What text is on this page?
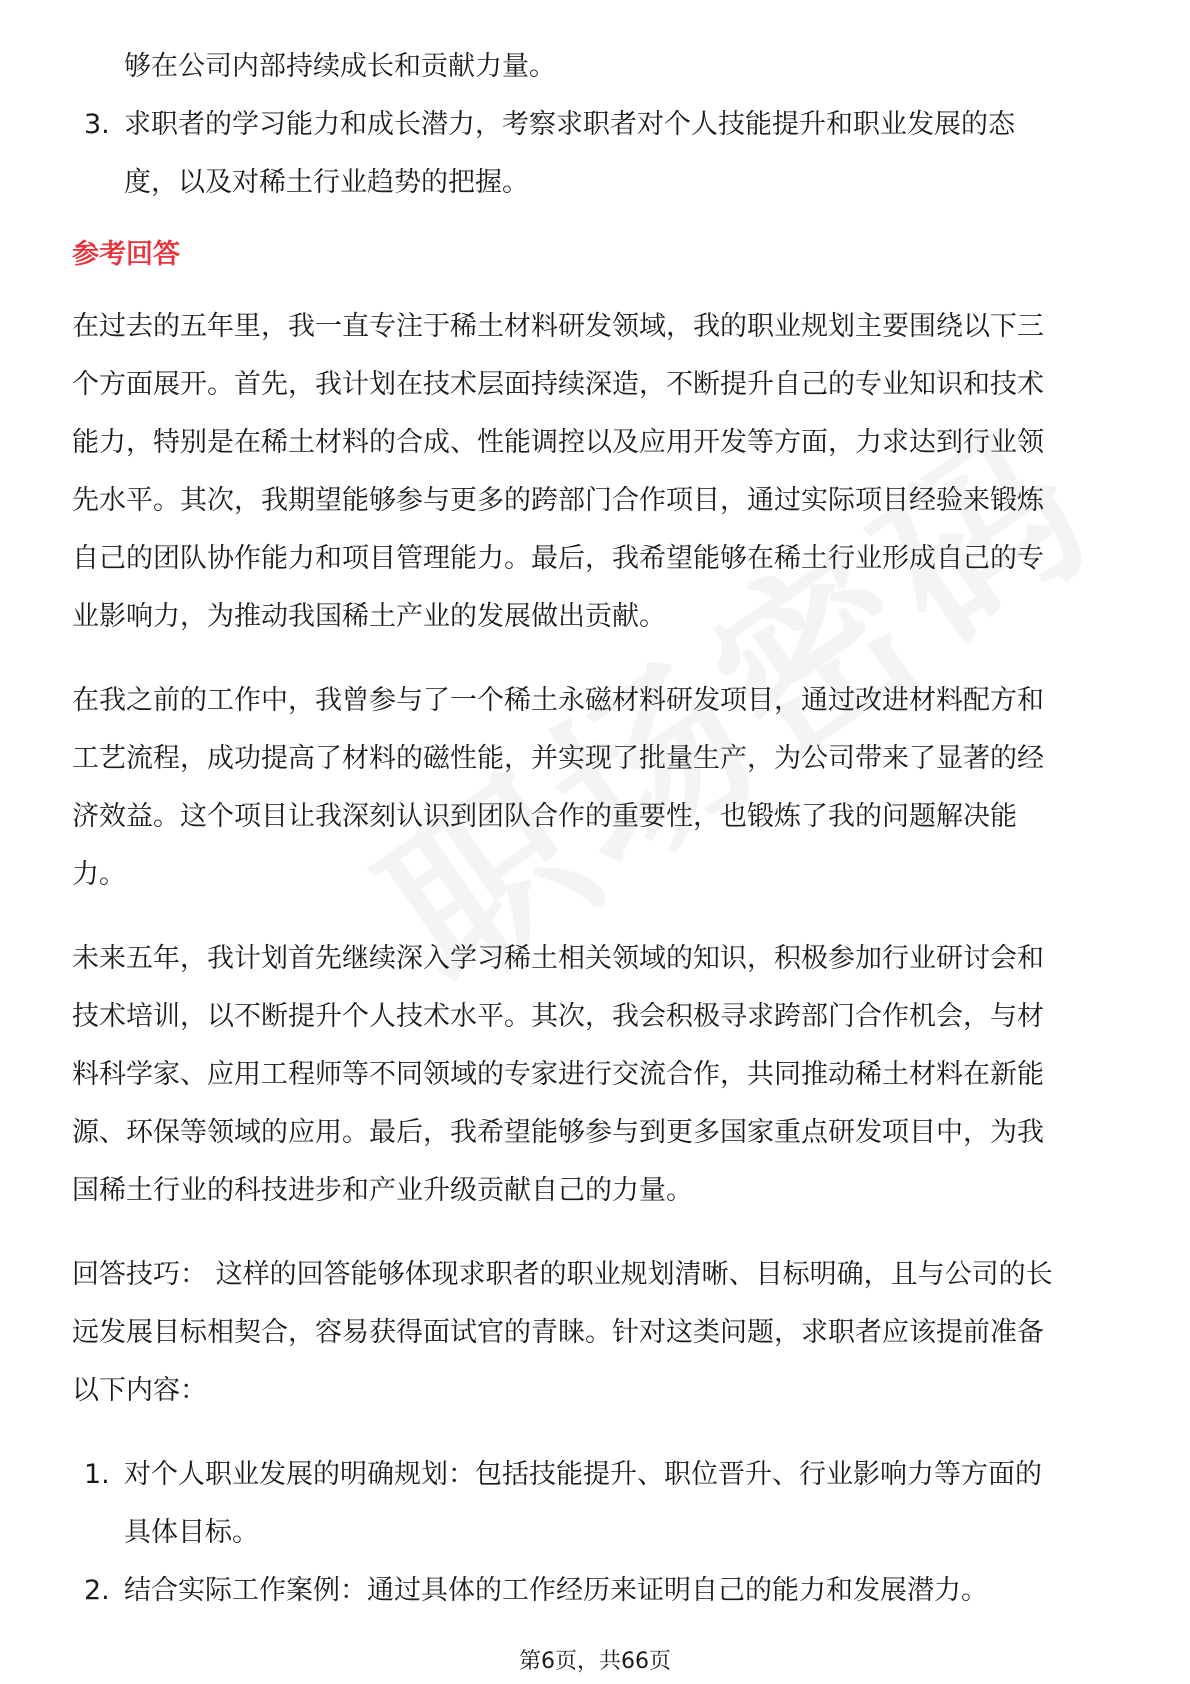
够在公司内部持续成长和贡献力量。
3. 求职者的学习能力和成长潜力，考察求职者对个人技能提升和职业发展的态
度，以及对稀土行业趋势的把握。
参考回答
在过去的五年里，我一直专注于稀土材料研发领域，我的职业规划主要围绕以下三
个方面展开。首先，我计划在技术层面持续深造，不断提升自己的专业知识和技术
能力，特别是在稀土材料的合成、性能调控以及应用开发等方面，力求达到行业领
先水平。其次，我期望能够参与更多的跨部门合作项目，通过实际项目经验来锻炼
自己的团队协作能力和项目管理能力。最后，我希望能够在稀土行业形成自己的专
业影响力，为推动我国稀土产业的发展做出贡献。
在我之前的工作中，我曾参与了一个稀土永磁材料研发项目，通过改进材料配方和
工艺流程，成功提高了材料的磁性能，并实现了批量生产，为公司带来了显著的经
济效益。这个项目让我深刻认识到团队合作的重要性，也锻炼了我的问题解决能
力。
未来五年，我计划首先继续深入学习稀土相关领域的知识，积极参加行业研讨会和
技术培训，以不断提升个人技术水平。其次，我会积极寻求跨部门合作机会，与材
料科学家、应用工程师等不同领域的专家进行交流合作，共同推动稀土材料在新能
源、环保等领域的应用。最后，我希望能够参与到更多国家重点研发项目中，为我
国稀土行业的科技进步和产业升级贡献自己的力量。
回答技巧： 这样的回答能够体现求职者的职业规划清晰、目标明确，且与公司的长
远发展目标相契合，容易获得面试官的青睐。针对这类问题，求职者应该提前准备
以下内容：
1. 对个人职业发展的明确规划：包括技能提升、职位晋升、行业影响力等方面的
具体目标。
2. 结合实际工作案例：通过具体的工作经历来证明自己的能力和发展潜力。
第6页，共66页
